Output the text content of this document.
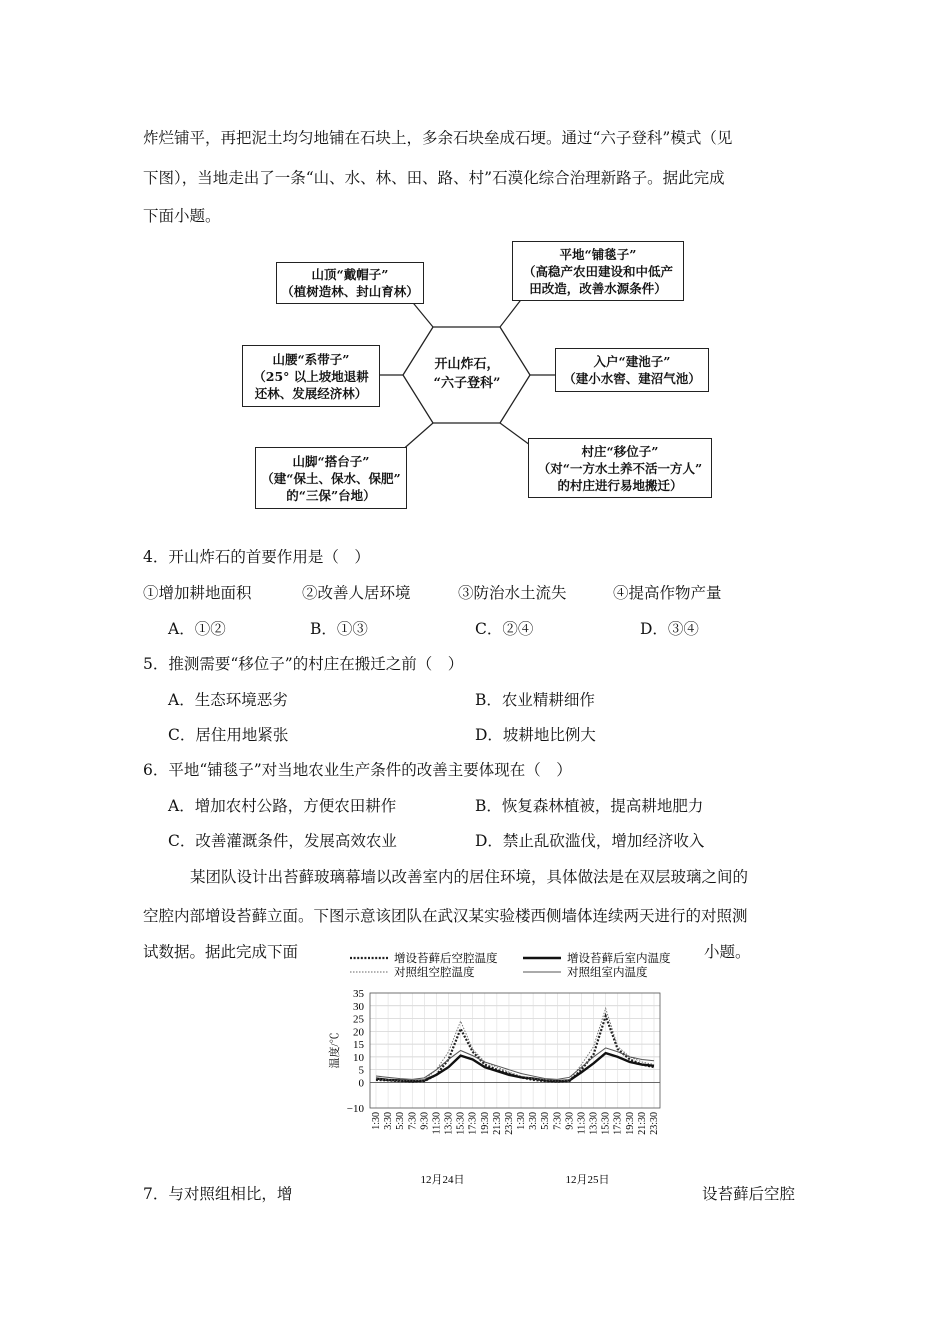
炸烂铺平，再把泥土均匀地铺在石块上，多余石块垒成石埂。通过“六子登科”模式（见
下图），当地走出了一条“山、水、林、田、路、村”石漠化综合治理新路子。据此完成
下面小题。
开山炸石，
“六子登科”
山顶“戴帽子”
（植树造林、封山育林）
山腰“系带子”
（25° 以上坡地退耕
还林、发展经济林）
山脚“搭台子”
（建“保土、保水、保肥”
的“三保”台地）
平地“铺毯子”
（高稳产农田建设和中低产
田改造，改善水源条件）
入户“建池子”
（建小水窖、建沼气池）
村庄“移位子”
（对“一方水土养不活一方人”
的村庄进行易地搬迁）
4．开山炸石的首要作用是（　）
①增加耕地面积	②改善人居环境	③防治水土流失	④提高作物产量
A．①②	B．①③	C．②④	D．③④
5．推测需要“移位子”的村庄在搬迁之前（　）
A．生态环境恶劣	B．农业精耕细作
C．居住用地紧张	D．坡耕地比例大
6．平地“铺毯子”对当地农业生产条件的改善主要体现在（　）
A．增加农村公路，方便农田耕作	B．恢复森林植被，提高耕地肥力
C．改善灌溉条件，发展高效农业	D．禁止乱砍滥伐，增加经济收入
某团队设计出苔藓玻璃幕墙以改善室内的居住环境，具体做法是在双层玻璃之间的
空腔内部增设苔藓立面。下图示意该团队在武汉某实验楼西侧墙体连续两天进行的对照测
试数据。据此完成下面	小题。
−10
0
5
10
15
20
25
30
35
1:30 3:30 5:30 7:30 9:30 11:30 13:30 15:30 17:30 19:30 21:30 23:30 1:30 3:30 5:30 7:30 9:30 11:30 13:30 15:30 17:30 19:30 21:30 23:30
12月24日	12月25日
温度/℃
增设苔藓后空腔温度	增设苔藓后室内温度
对照组空腔温度	对照组室内温度
7．与对照组相比，增	设苔藓后空腔
